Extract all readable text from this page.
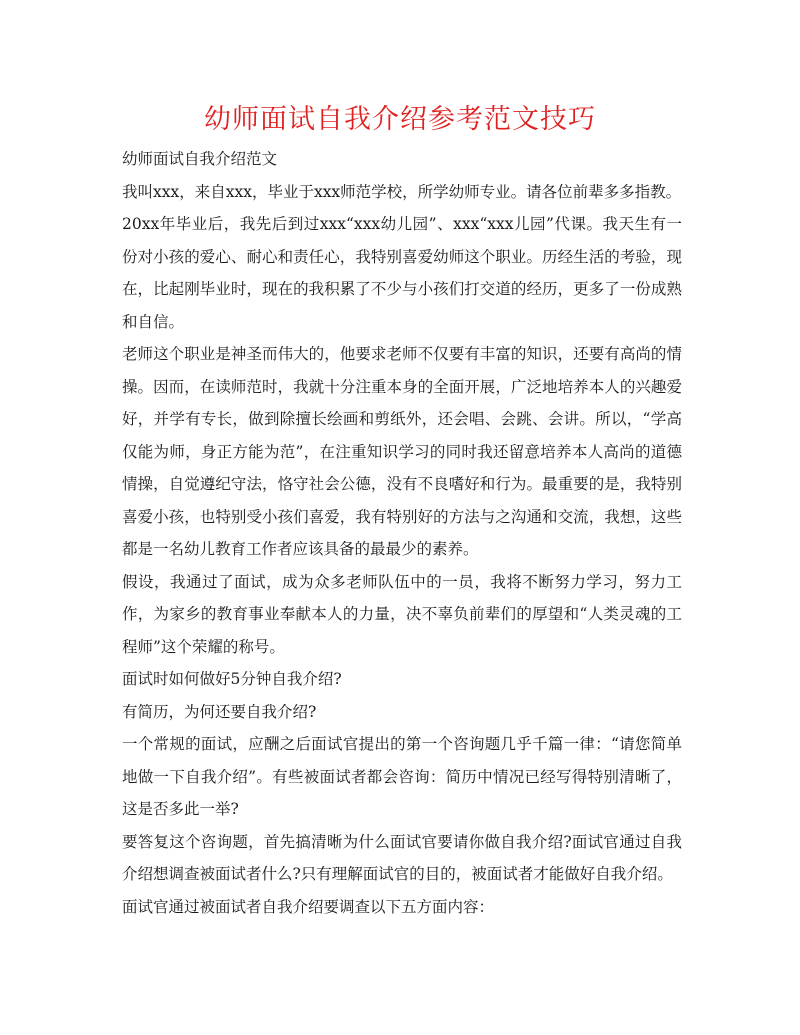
幼师面试自我介绍参考范文技巧

幼师面试自我介绍范文

我叫xxx，来自xxx，毕业于xxx师范学校，所学幼师专业。请各位前辈多多指教。

20xx年毕业后，我先后到过xxx“xxx幼儿园”、xxx“xxx儿园”代课。我天生有一份对小孩的爱心、耐心和责任心，我特别喜爱幼师这个职业。历经生活的考验，现在，比起刚毕业时，现在的我积累了不少与小孩们打交道的经历，更多了一份成熟和自信。

老师这个职业是神圣而伟大的，他要求老师不仅要有丰富的知识，还要有高尚的情操。因而，在读师范时，我就十分注重本身的全面开展，广泛地培养本人的兴趣爱好，并学有专长，做到除擅长绘画和剪纸外，还会唱、会跳、会讲。所以，“学高仅能为师，身正方能为范”，在注重知识学习的同时我还留意培养本人高尚的道德情操，自觉遵纪守法，恪守社会公德，没有不良嗜好和行为。最重要的是，我特别喜爱小孩，也特别受小孩们喜爱，我有特别好的方法与之沟通和交流，我想，这些都是一名幼儿教育工作者应该具备的最最少的素养。

假设，我通过了面试，成为众多老师队伍中的一员，我将不断努力学习，努力工作，为家乡的教育事业奉献本人的力量，决不辜负前辈们的厚望和“人类灵魂的工程师”这个荣耀的称号。

面试时如何做好5分钟自我介绍?

有简历，为何还要自我介绍?

一个常规的面试，应酬之后面试官提出的第一个咨询题几乎千篇一律：“请您简单地做一下自我介绍”。有些被面试者都会咨询：简历中情况已经写得特别清晰了，这是否多此一举?

要答复这个咨询题，首先搞清晰为什么面试官要请你做自我介绍?面试官通过自我介绍想调查被面试者什么?只有理解面试官的目的，被面试者才能做好自我介绍。

面试官通过被面试者自我介绍要调查以下五方面内容：
